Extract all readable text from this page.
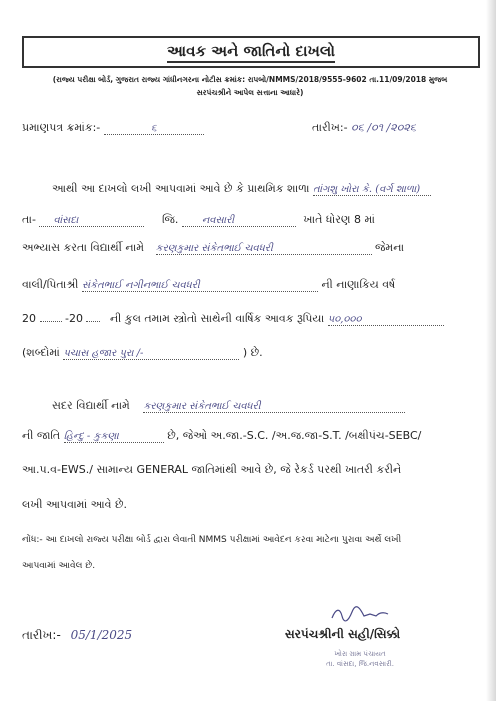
આવક અને જાતિનો દાખલો
(રાજ્ય પરીક્ષા બોર્ડ, ગુજરાત રાજ્ય ગાંધીનગરના નોટીસ ક્રમાંક: રાપબો/NMMS/2018/9555-9602 તા.11/09/2018 મુજબ
સરપંચશ્રીને આપેલ સત્તાના આધારે)
પ્રમાણપત્ર ક્રમાંક:-	૬	તારીખ:- ૦૬ /૦૧ /૨૦૨૬
આથી આ દાખલો લખી આપવામાં આવે છે કે પ્રાથમિક શાળા તાંગશુ ખોરા કે. (વર્ગ શાળા)
તા- વાંસદા	જિ. નવસારી	ખાતે ધોરણ 8 માં
અભ્યાસ કરતા વિદ્યાર્થી નામે કરણકુમાર સંકેતભાઈ ચવધરી	જેમના
વાલી/પિતાશ્રી સંકેતભાઈ નગીનભાઈ ચવધરી	ની નાણાકિય વર્ષ
20	-20 ની કુલ તમામ સ્ત્રોતો સાથેની વાર્ષિક આવક રૂપિયા ૫૦,૦૦૦
(શબ્દોમાં પચાસ હજાર પુરા /-	) છે.
સદર વિદ્યાર્થી નામે કરણકુમાર સંકેતભાઈ ચવધરી
ની જાતિ હિન્દુ - કુકણા	છે, જેઓ અ.જા.-S.C. /અ.જ.જા-S.T. /બક્ષીપંચ-SEBC/
આ.પ.વ-EWS./ સામાન્ય GENERAL જાતિમાંથી આવે છે, જે રેકર્ડ પરથી ખાતરી કરીને
લખી આપવામાં આવે છે.
નોંધ:- આ દાખલો રાજ્ય પરીક્ષા બોર્ડ દ્વારા લેવાતી NMMS પરીક્ષામાં આવેદન કરવા માટેના પુરાવા અર્થે લખી
આપવામાં આવેલ છે.
તારીખ:- 05/1/2025	સરપંચશ્રીની સહી/સિક્કો
ખોરા ગ્રામ પંચાયત
તા. વાંસદા, જિ.નવસારી.
